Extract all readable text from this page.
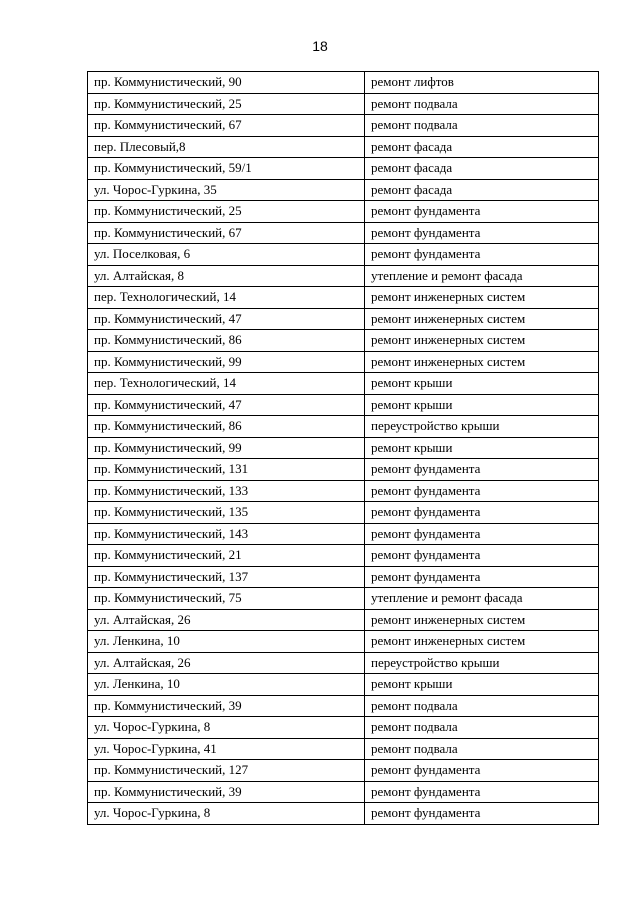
18
пр. Коммунистический, 90	ремонт лифтов
пр. Коммунистический, 25	ремонт подвала
пр. Коммунистический, 67	ремонт подвала
пер. Плесовый,8	ремонт фасада
пр. Коммунистический, 59/1	ремонт фасада
ул. Чорос-Гуркина, 35	ремонт фасада
пр. Коммунистический, 25	ремонт фундамента
пр. Коммунистический, 67	ремонт фундамента
ул. Поселковая, 6	ремонт фундамента
ул. Алтайская, 8	утепление и ремонт фасада
пер. Технологический, 14	ремонт инженерных систем
пр. Коммунистический, 47	ремонт инженерных систем
пр. Коммунистический, 86	ремонт инженерных систем
пр. Коммунистический, 99	ремонт инженерных систем
пер. Технологический, 14	ремонт крыши
пр. Коммунистический, 47	ремонт крыши
пр. Коммунистический, 86	переустройство крыши
пр. Коммунистический, 99	ремонт крыши
пр. Коммунистический, 131	ремонт фундамента
пр. Коммунистический, 133	ремонт фундамента
пр. Коммунистический, 135	ремонт фундамента
пр. Коммунистический, 143	ремонт фундамента
пр. Коммунистический, 21	ремонт фундамента
пр. Коммунистический, 137	ремонт фундамента
пр. Коммунистический, 75	утепление и ремонт фасада
ул. Алтайская, 26	ремонт инженерных систем
ул. Ленкина, 10	ремонт инженерных систем
ул. Алтайская, 26	переустройство крыши
ул. Ленкина, 10	ремонт крыши
пр. Коммунистический, 39	ремонт подвала
ул. Чорос-Гуркина, 8	ремонт подвала
ул. Чорос-Гуркина, 41	ремонт подвала
пр. Коммунистический, 127	ремонт фундамента
пр. Коммунистический, 39	ремонт фундамента
ул. Чорос-Гуркина, 8	ремонт фундамента
